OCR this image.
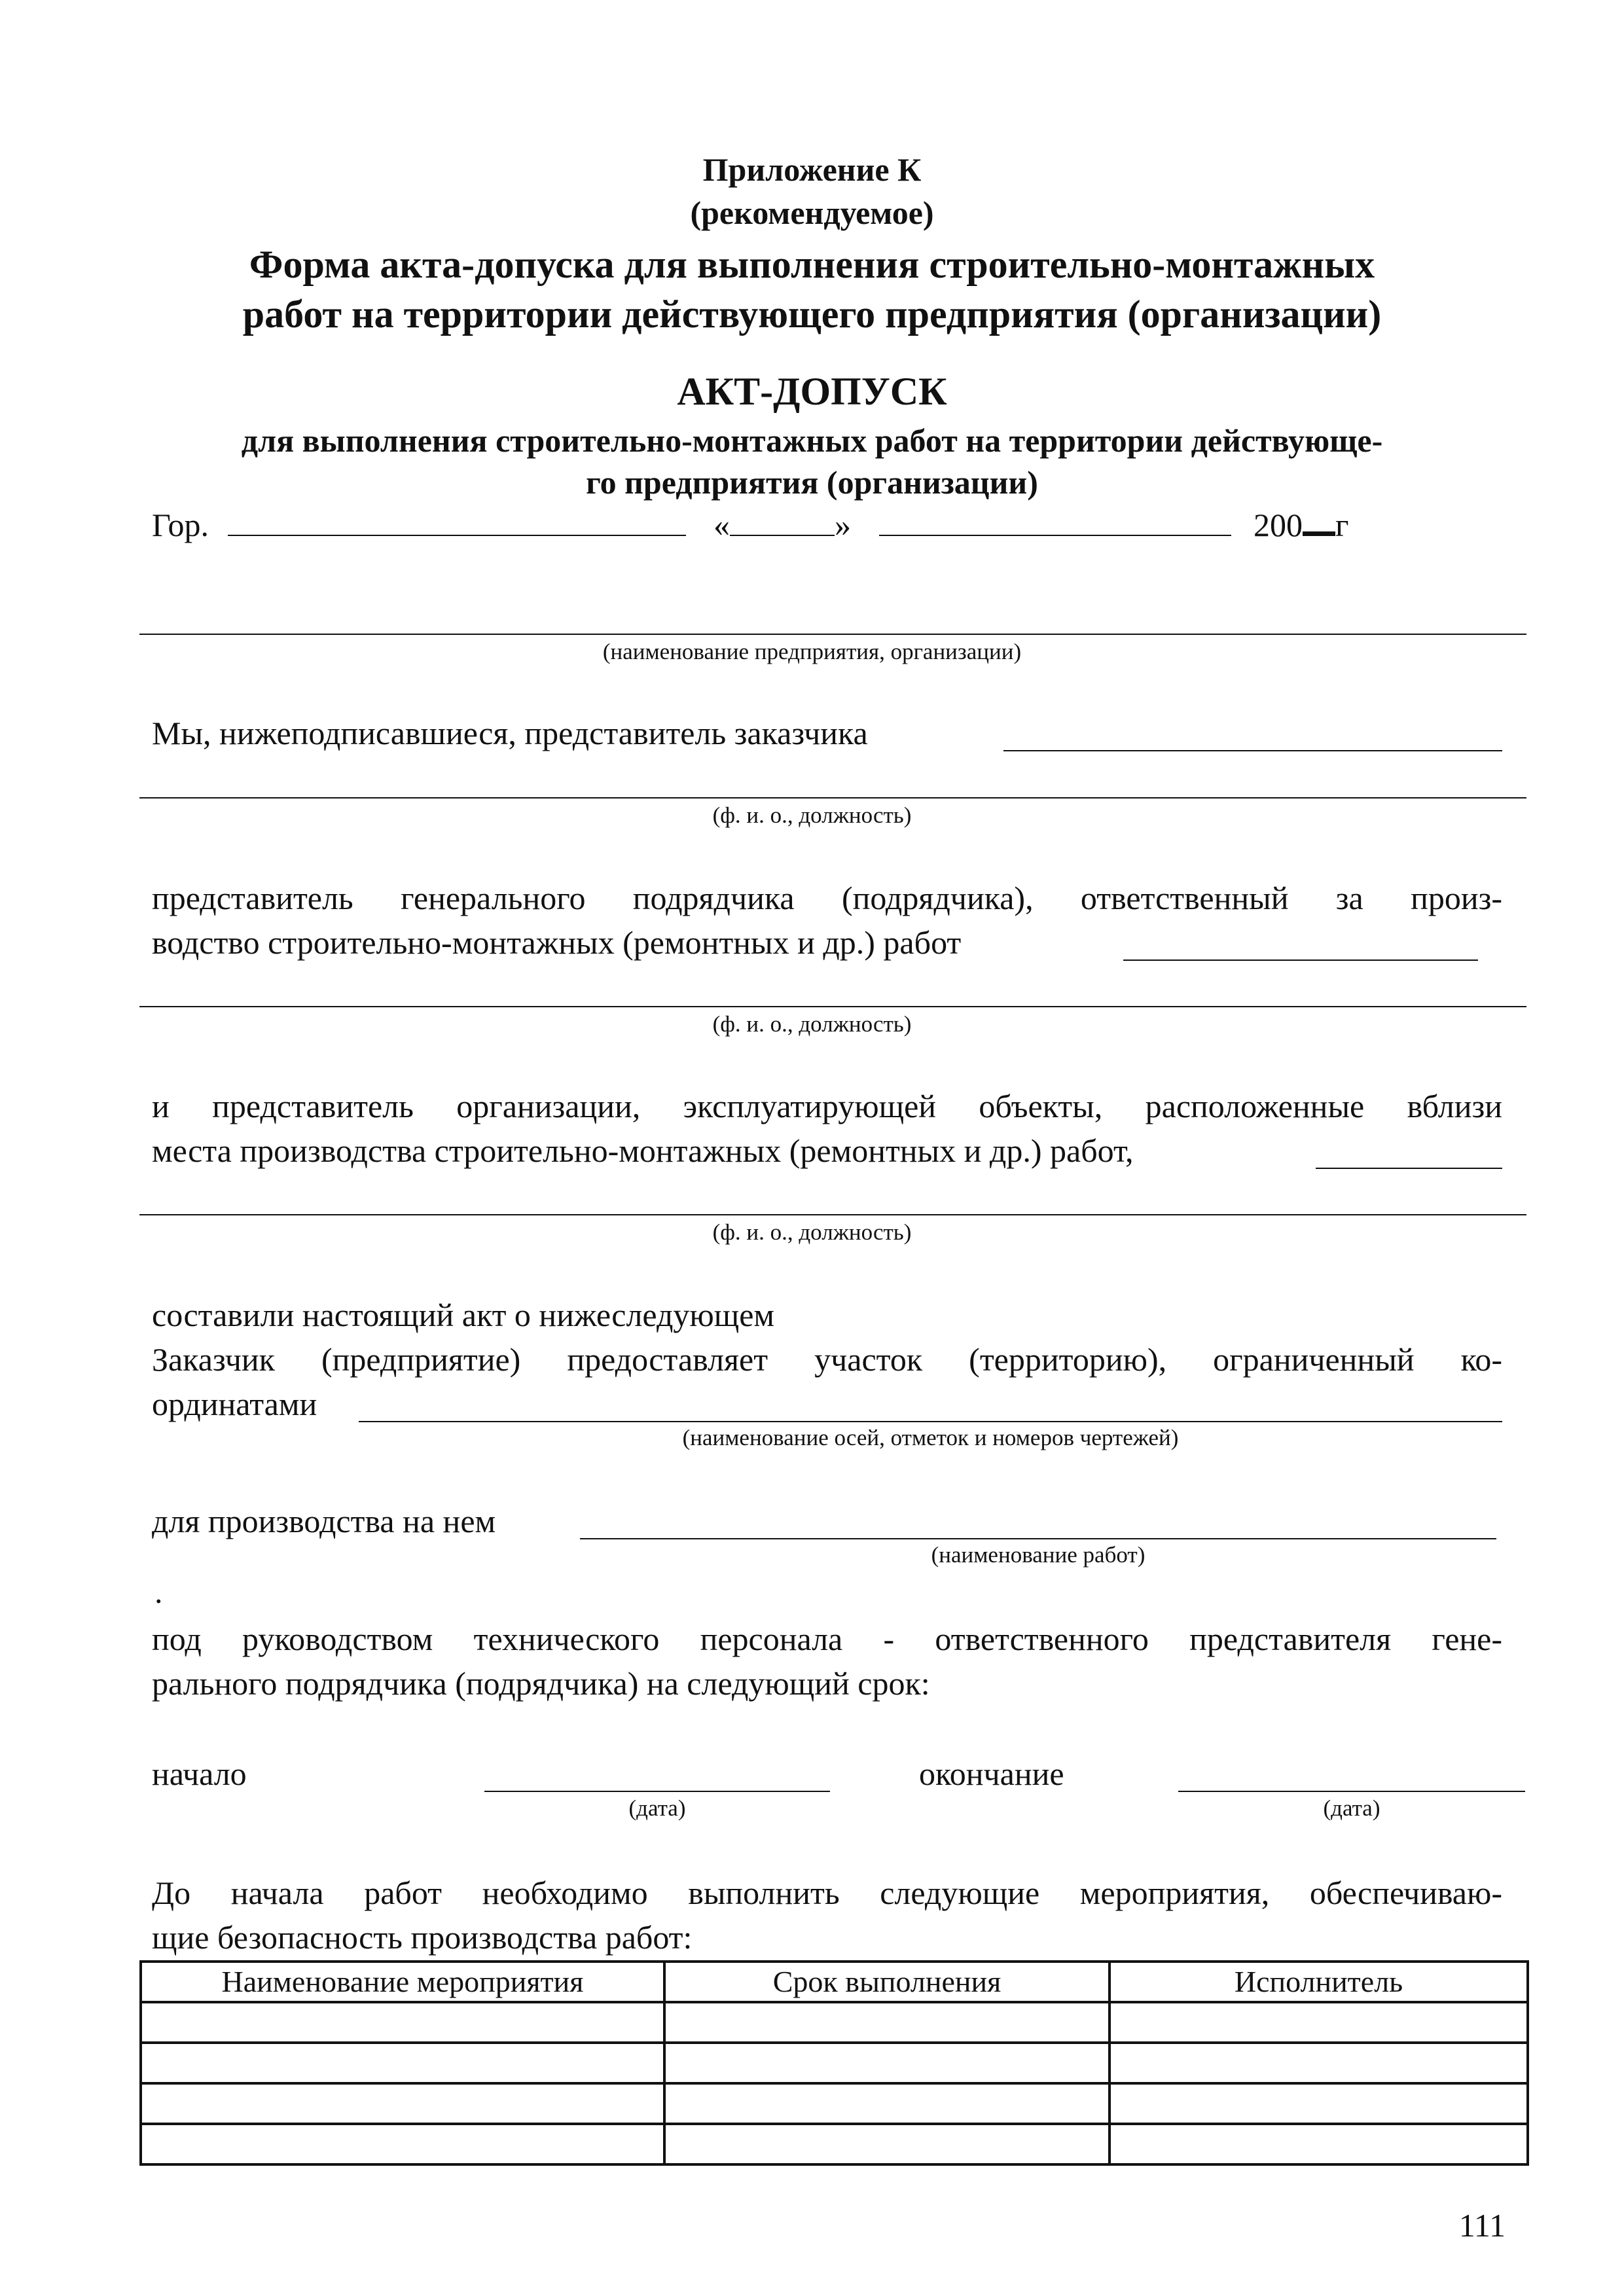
Приложение К
(рекомендуемое)
Форма акта-допуска для выполнения строительно-монтажных
работ на территории действующего предприятия (организации)
АКТ-ДОПУСК
для выполнения строительно-монтажных работ на территории действующе-
го предприятия (организации)
Гор.	«	»	200 г
(наименование предприятия, организации)
Мы, нижеподписавшиеся, представитель заказчика
(ф. и. о., должность)
представитель генерального подрядчика (подрядчика), ответственный за произ-
водство строительно-монтажных (ремонтных и др.) работ
(ф. и. о., должность)
и представитель организации, эксплуатирующей объекты, расположенные вблизи
места производства строительно-монтажных (ремонтных и др.) работ,
(ф. и. о., должность)
составили настоящий акт о нижеследующем
Заказчик (предприятие) предоставляет участок (территорию), ограниченный ко-
ординатами
(наименование осей, отметок и номеров чертежей)
для производства на нем
(наименование работ)
.
под руководством технического персонала - ответственного представителя гене-
рального подрядчика (подрядчика) на следующий срок:
начало
(дата)
окончание
(дата)
До начала работ необходимо выполнить следующие мероприятия, обеспечиваю-
щие безопасность производства работ:
Наименование мероприятия	Срок выполнения	Исполнитель

111
